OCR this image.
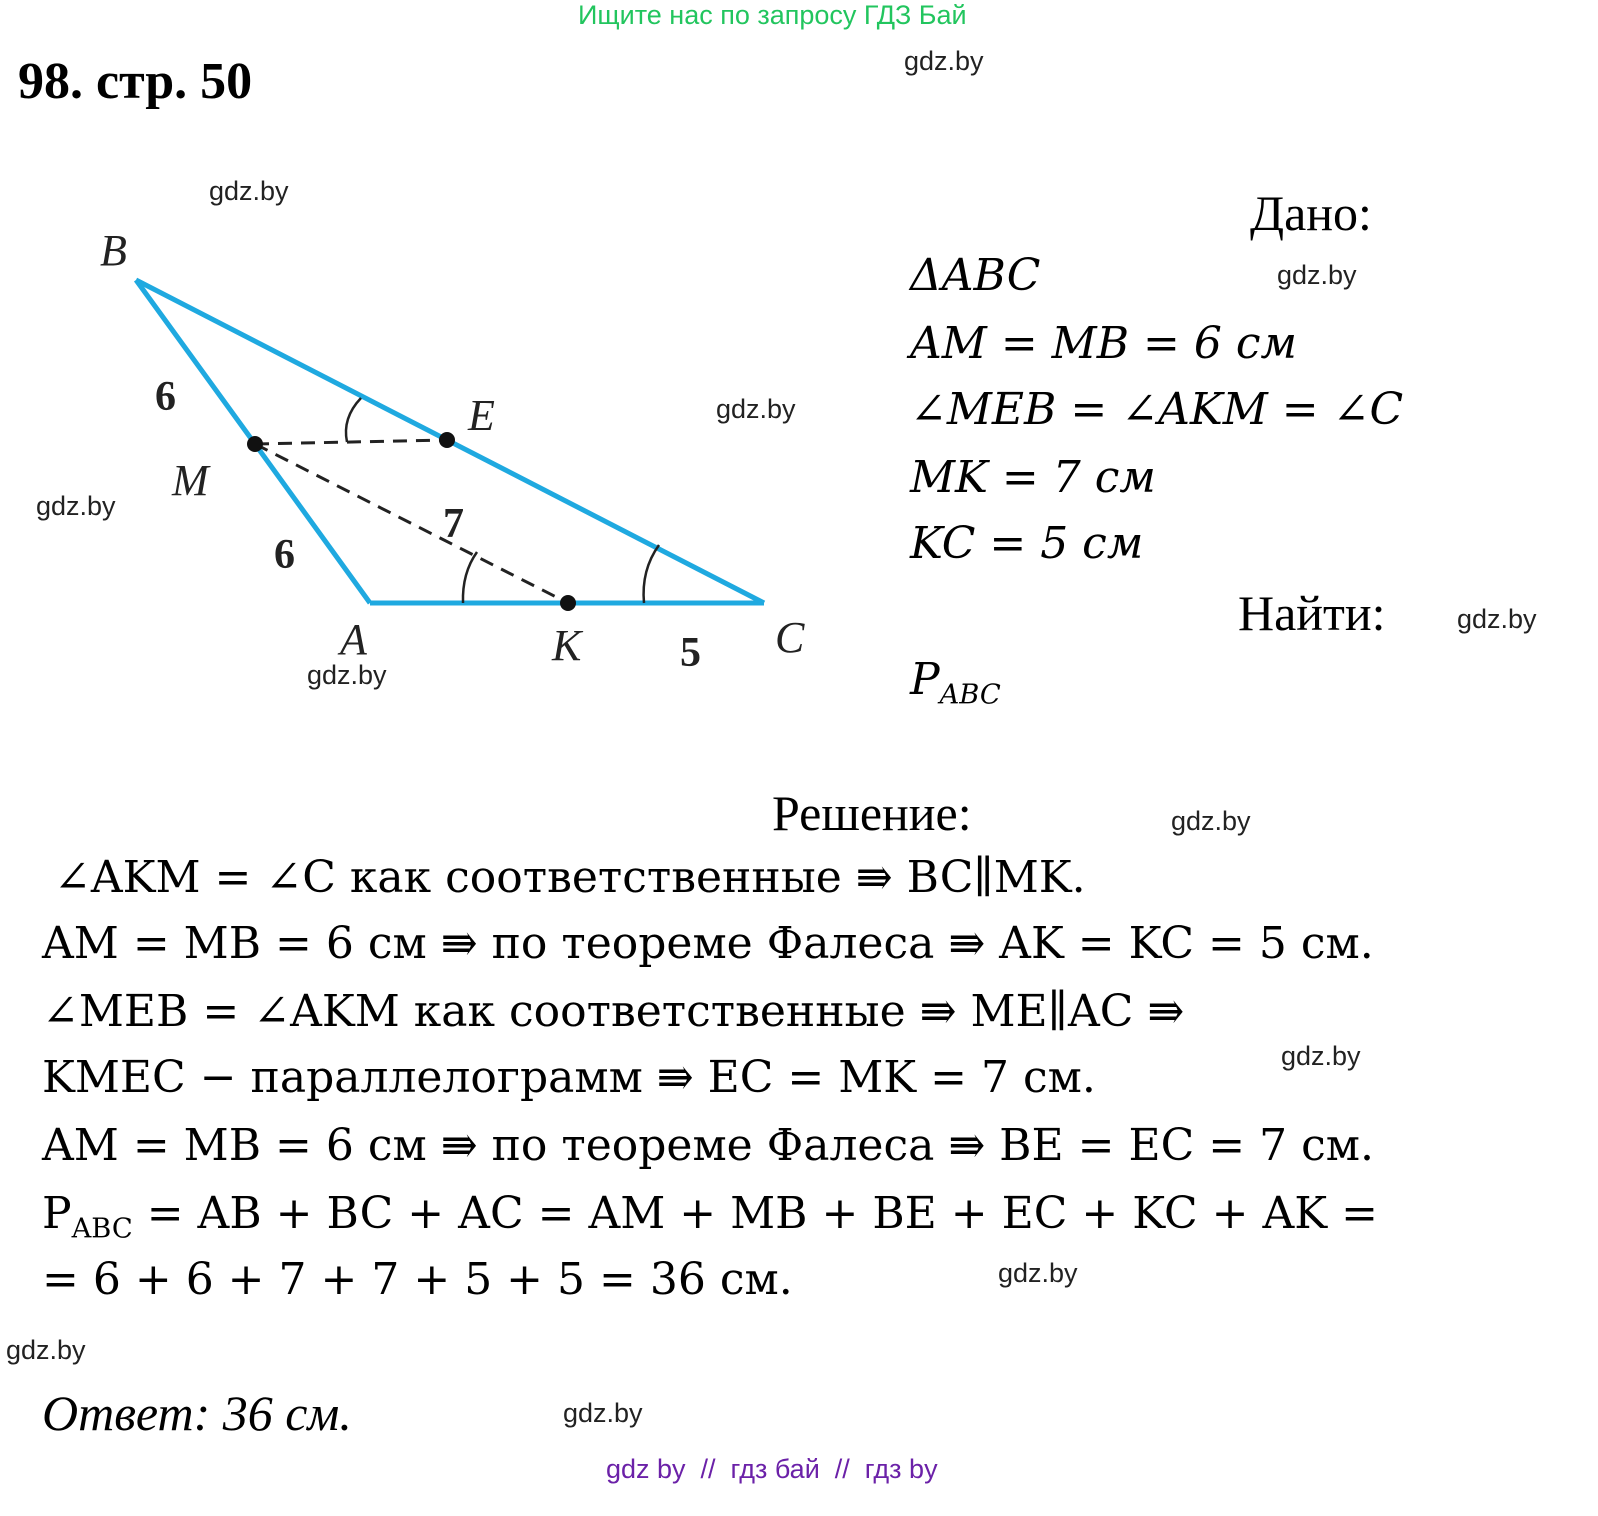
Ищите нас по запросу ГДЗ Бай
98. стр. 50	gdz.by
gdz.by
gdz.by
gdz.by
gdz.by
gdz.by
gdz.by
gdz.by
gdz.by
gdz.by
gdz.by
gdz.by
B
E
M
A	K	C
6
6
7
5
Дано:
ΔABC
AM = MB = 6 см
∠MEB = ∠AKM = ∠C
MK = 7 см
KC = 5 см
Найти:
$P_{ABC}$
Решение:
∠AKM = ∠C как соответственные ⇛ BC∥MK.
AM = MB = 6 см ⇛ по теореме Фалеса ⇛ AK = KC = 5 см.
∠MEB = ∠AKM как соответственные ⇛ ME∥AC ⇛
KMEC − параллелограмм ⇛ EC = MK = 7 см.
AM = MB = 6 см ⇛ по теореме Фалеса ⇛ BE = EC = 7 см.
$P_{ABC}$ = AB + BC + AC = AM + MB + BE + EC + KC + AK =
= 6 + 6 + 7 + 7 + 5 + 5 = 36 см.
Ответ: 36 см.
gdz by  //  гдз бай  //  гдз by
